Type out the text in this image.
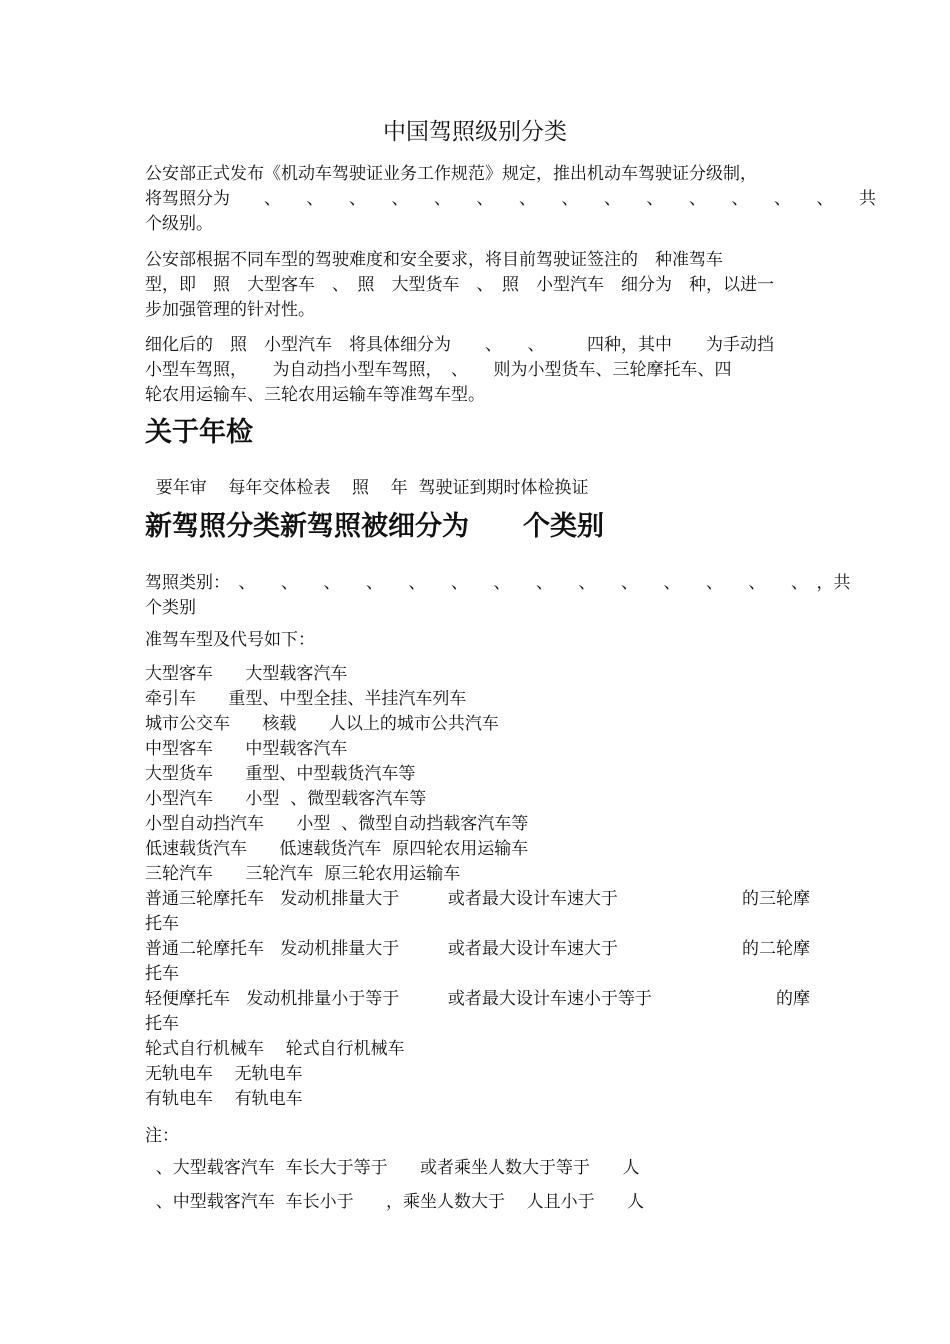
中国驾照级别分类
公安部正式发布《机动车驾驶证业务工作规范》规定，推出机动车驾驶证分级制，
将驾照分为　　、　　、　　、　　、　　、　　、　　、　　、　　、　　、　　、　　、　　、　　、　　共
个级别。
公安部根据不同车型的驾驶难度和安全要求，将目前驾驶证签注的　种准驾车
型，即　照　大型客车　、　照　大型货车　、　照　小型汽车　细分为　种，以进一
步加强管理的针对性。
细化后的　照　小型汽车　将具体细分为　　、　　、　　　四种，其中　　为手动挡
小型车驾照，　　为自动挡小型车驾照，　、　　则为小型货车、三轮摩托车、四
轮农用运输车、三轮农用运输车等准驾车型。
关于年检
要年审    每年交体检表    照    年  驾驶证到期时体检换证
新驾照分类新驾照被细分为　　个类别
驾照类别：　、　　、　　、　　、　　、　　、　　、　　、　　、　　、　　、　　、　　、　　、　，共
个类别
准驾车型及代号如下：
大型客车      大型载客汽车
牵引车      重型、中型全挂、半挂汽车列车
城市公交车      核载      人以上的城市公共汽车
中型客车      中型载客汽车
大型货车      重型、中型载货汽车等
小型汽车      小型  、微型载客汽车等
小型自动挡汽车      小型  、微型自动挡载客汽车等
低速载货汽车      低速载货汽车  原四轮农用运输车
三轮汽车      三轮汽车  原三轮农用运输车
普通三轮摩托车   发动机排量大于         或者最大设计车速大于	的三轮摩
托车
普通二轮摩托车   发动机排量大于         或者最大设计车速大于	的二轮摩
托车
轻便摩托车   发动机排量小于等于         或者最大设计车速小于等于	的摩
托车
轮式自行机械车    轮式自行机械车
无轨电车    无轨电车
有轨电车    有轨电车
注：
、大型载客汽车  车长大于等于      或者乘坐人数大于等于      人
、中型载客汽车  车长小于      ，乘坐人数大于    人且小于      人
